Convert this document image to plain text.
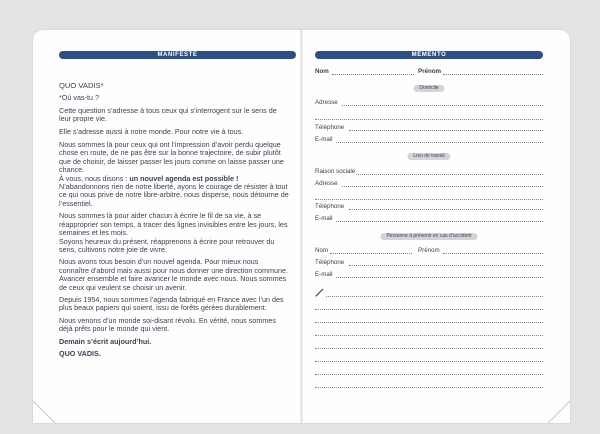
MANIFESTE

QUO VADIS*

*Où vas-tu ?

Cette question s’adresse à tous ceux qui s’interrogent sur le sens de leur propre vie.

Elle s’adresse aussi à notre monde. Pour notre vie à tous.

Nous sommes là pour ceux qui ont l’impression d’avoir perdu quelque chose en route, de ne pas être sur la bonne trajectoire, de subir plutôt que de choisir, de laisser passer les jours comme on laisse passer une chance.

À vous, nous disons : un nouvel agenda est possible !

N’abandonnons rien de notre liberté, ayons le courage de résister à tout ce qui nous prive de notre libre-arbitre, nous disperse, nous détourne de l’essentiel.

Nous sommes là pour aider chacun à écrire le fil de sa vie, à se réapproprier son temps, à tracer des lignes invisibles entre les jours, les semaines et les mois.

Soyons heureux du présent, réapprenons à écrire pour retrouver du sens, cultivons notre joie de vivre.

Nous avons tous besoin d’un nouvel agenda. Pour mieux nous connaître d’abord mais aussi pour nous donner une direction commune.

Avancer ensemble et faire avancer le monde avec nous. Nous sommes de ceux qui veulent se choisir un avenir.

Depuis 1954, nous sommes l’agenda fabriqué en France avec l’un des plus beaux papiers qui soient, issu de forêts gérées durablement.

Nous venons d’un monde soi-disant révolu. En vérité, nous sommes déjà prêts pour le monde qui vient.

Demain s’écrit aujourd’hui.

QUO VADIS.

MÉMENTO
Nom	Prénom
Domicile
Adresse
Téléphone
E-mail
Lieu de travail
Raison sociale
Adresse
Téléphone
E-mail
Personne à prévenir en cas d’accident
Nom	Prénom
Téléphone
E-mail
